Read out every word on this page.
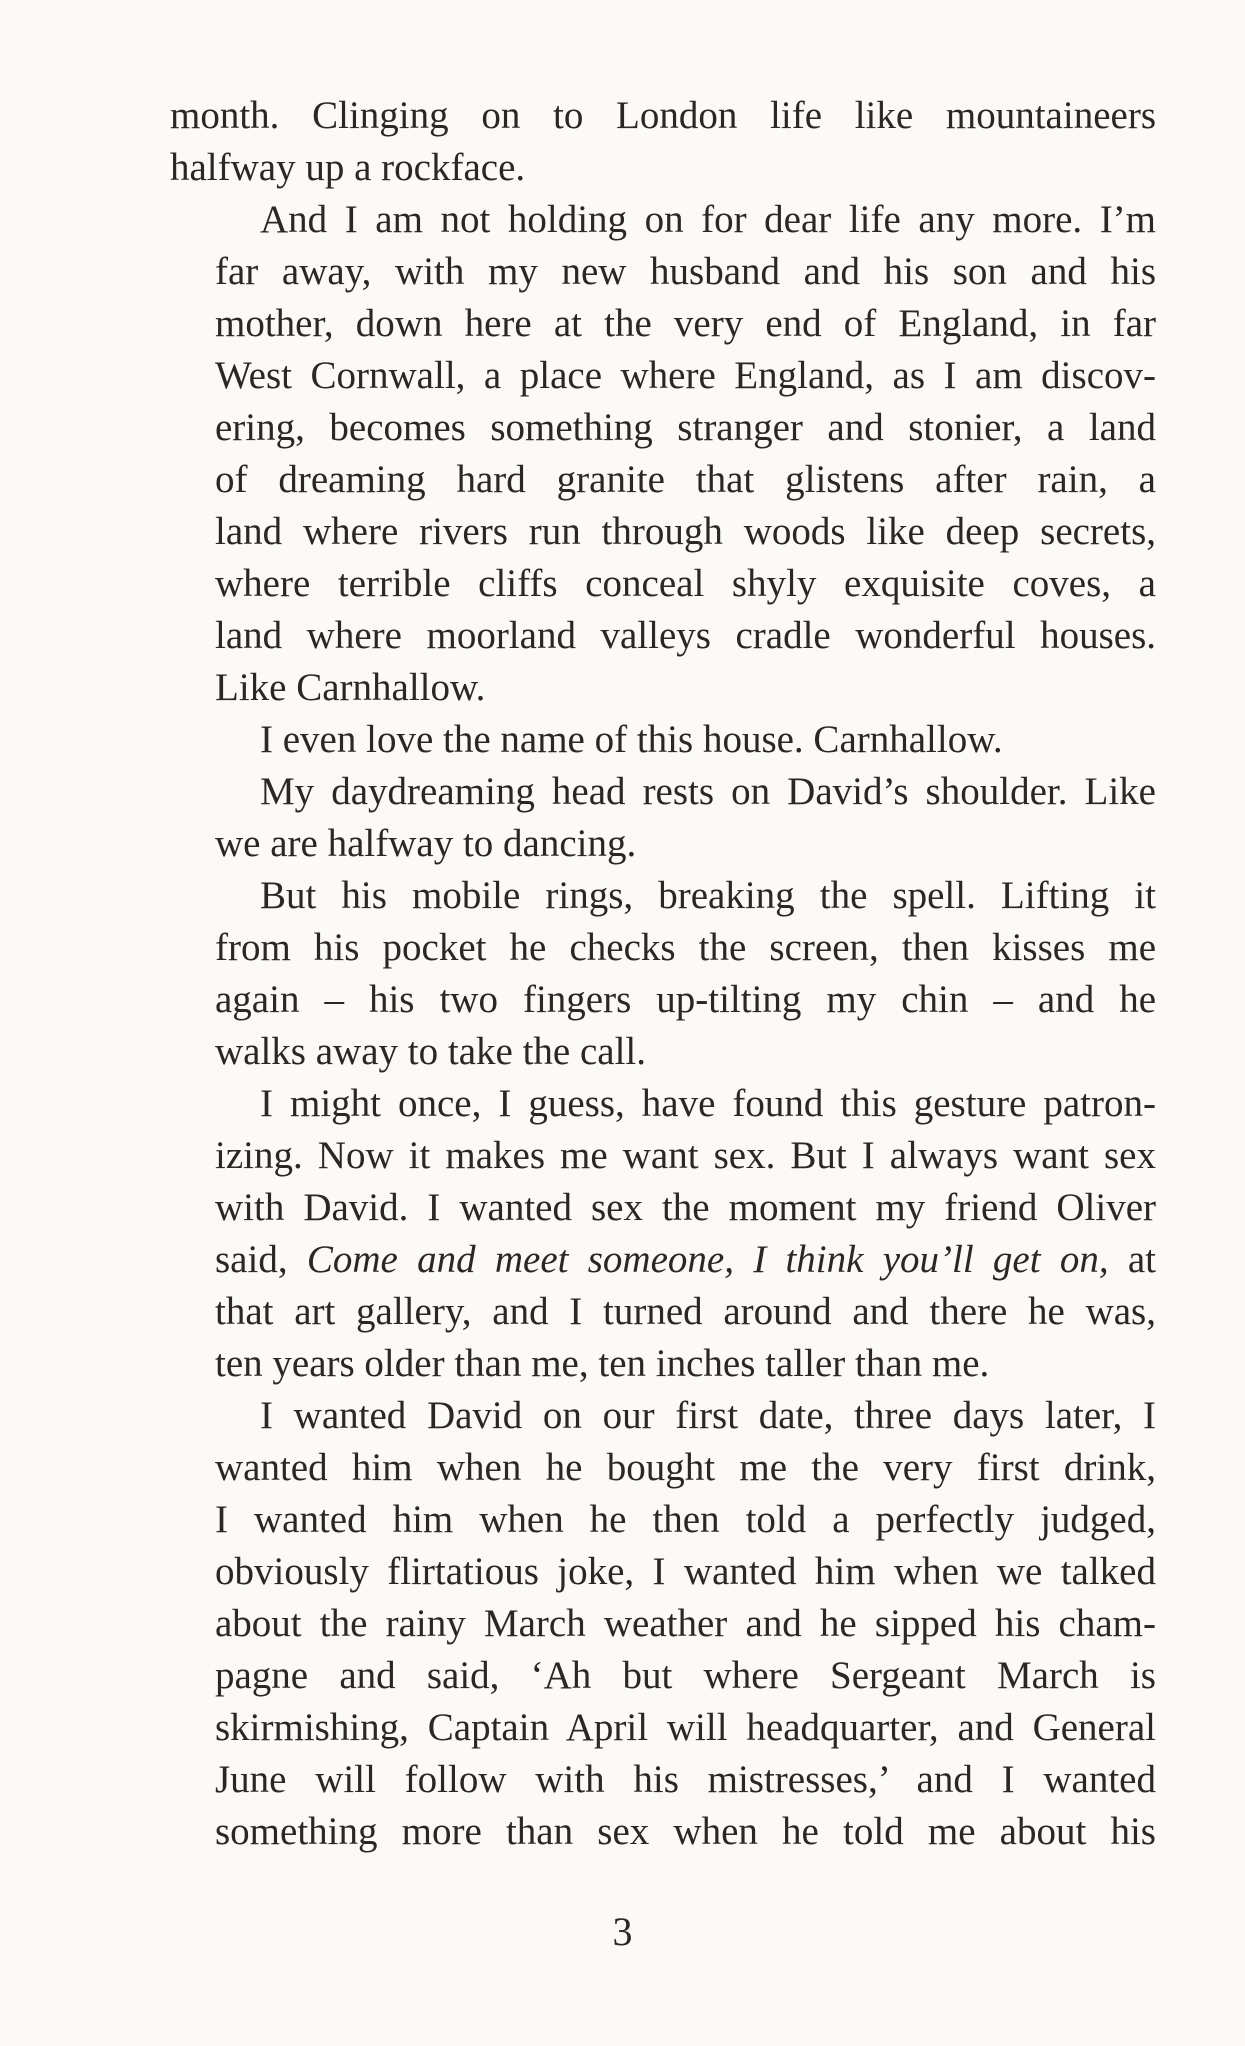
month. Clinging on to London life like mountaineers
halfway up a rockface.

And I am not holding on for dear life any more. I’m
far away, with my new husband and his son and his
mother, down here at the very end of England, in far
West Cornwall, a place where England, as I am discov-
ering, becomes something stranger and stonier, a land
of dreaming hard granite that glistens after rain, a
land where rivers run through woods like deep secrets,
where terrible cliffs conceal shyly exquisite coves, a
land where moorland valleys cradle wonderful houses.
Like Carnhallow.

I even love the name of this house. Carnhallow.

My daydreaming head rests on David’s shoulder. Like
we are halfway to dancing.

But his mobile rings, breaking the spell. Lifting it
from his pocket he checks the screen, then kisses me
again – his two fingers up-tilting my chin – and he
walks away to take the call.

I might once, I guess, have found this gesture patron-
izing. Now it makes me want sex. But I always want sex
with David. I wanted sex the moment my friend Oliver
said, Come and meet someone, I think you’ll get on, at
that art gallery, and I turned around and there he was,
ten years older than me, ten inches taller than me.

I wanted David on our first date, three days later, I
wanted him when he bought me the very first drink,
I wanted him when he then told a perfectly judged,
obviously flirtatious joke, I wanted him when we talked
about the rainy March weather and he sipped his cham-
pagne and said, ‘Ah but where Sergeant March is
skirmishing, Captain April will headquarter, and General
June will follow with his mistresses,’ and I wanted
something more than sex when he told me about his

3
